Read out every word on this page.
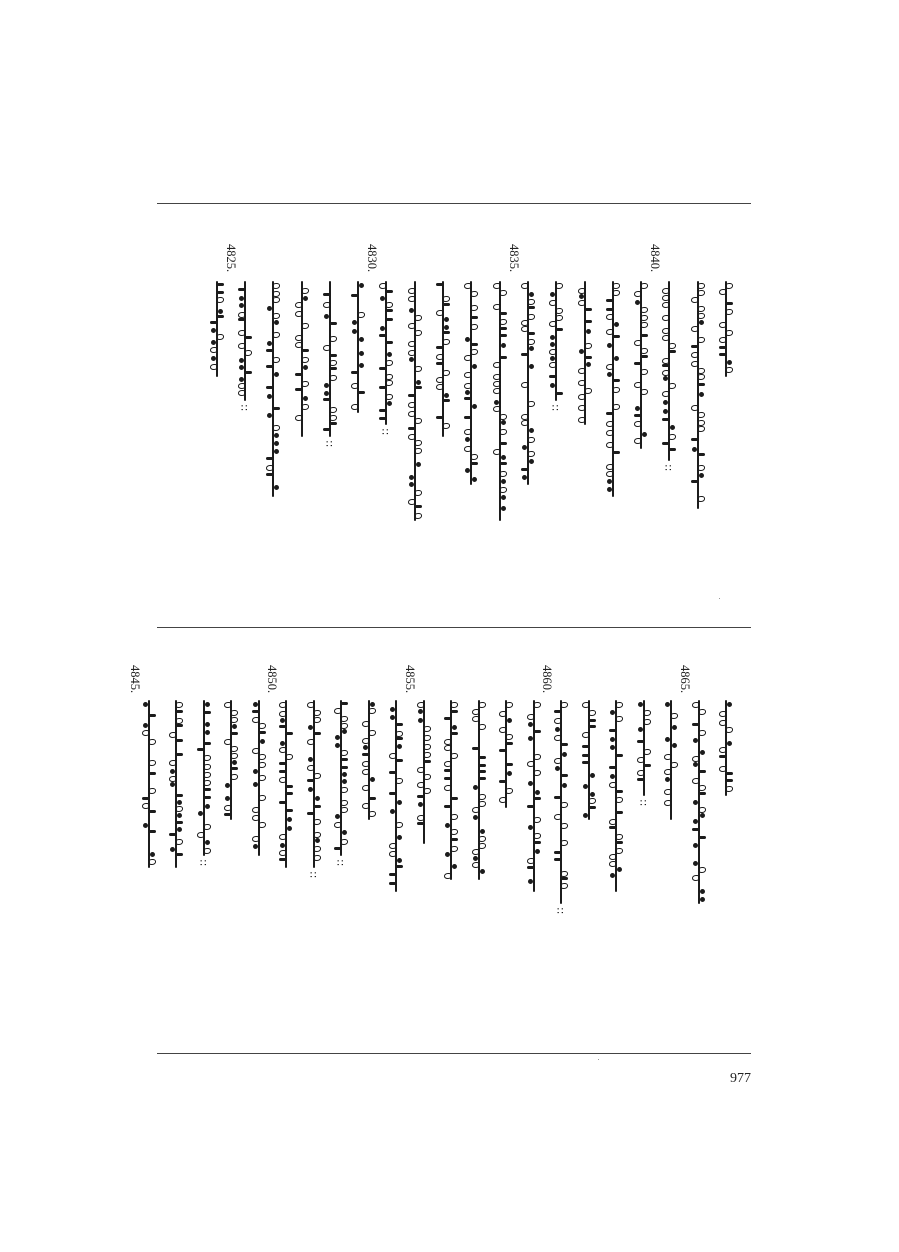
::
::
::
::
::
4825.	4830.	4835.	4840.
::
::
::
::
::
4845.	4850.	4855.	4860.	4865.
977
